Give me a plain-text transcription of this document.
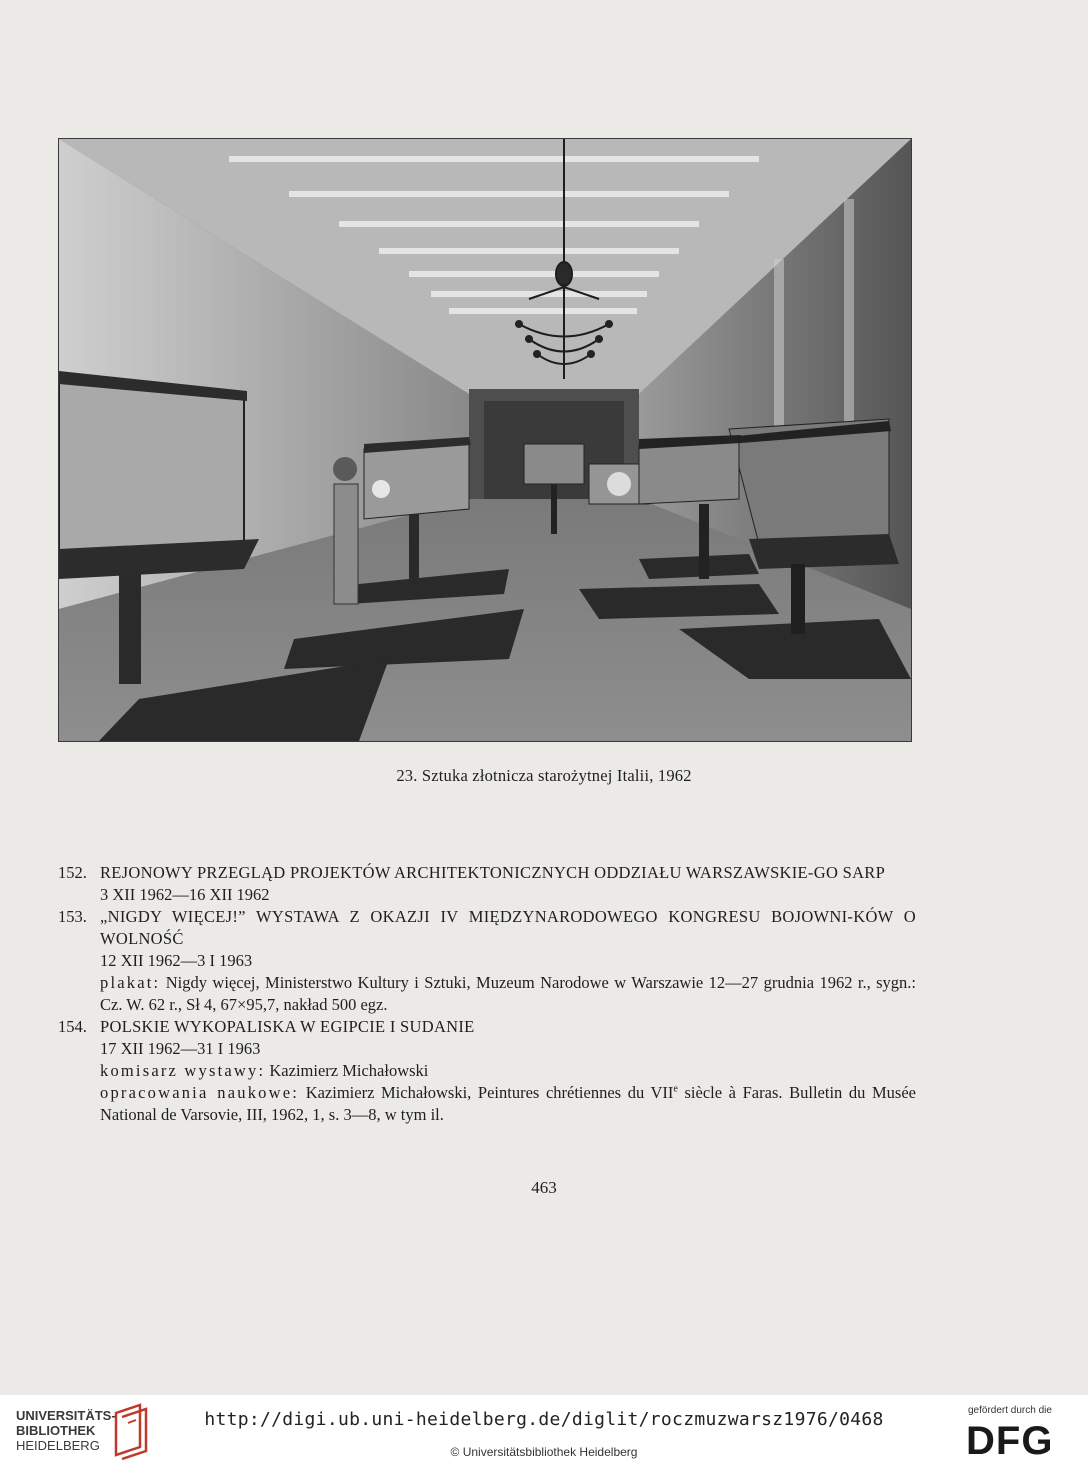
23. Sztuka złotnicza starożytnej Italii, 1962
152. REJONOWY PRZEGLĄD PROJEKTÓW ARCHITEKTONICZNYCH ODDZIAŁU WARSZAWSKIE-GO SARP
3 XII 1962—16 XII 1962
153. „NIGDY WIĘCEJ!” WYSTAWA Z OKAZJI IV MIĘDZYNARODOWEGO KONGRESU BOJOWNI-KÓW O WOLNOŚĆ
12 XII 1962—3 I 1963
plakat: Nigdy więcej, Ministerstwo Kultury i Sztuki, Muzeum Narodowe w Warszawie 12—27 grudnia 1962 r., sygn.: Cz. W. 62 r., Sł 4, 67×95,7, nakład 500 egz.
154. POLSKIE WYKOPALISKA W EGIPCIE I SUDANIE
17 XII 1962—31 I 1963
komisarz wystawy: Kazimierz Michałowski
opracowania naukowe: Kazimierz Michałowski, Peintures chrétiennes du VIIe siècle à Faras. Bulletin du Musée National de Varsovie, III, 1962, 1, s. 3—8, w tym il.
463
UNIVERSITÄTS-
BIBLIOTHEK
HEIDELBERG
http://digi.ub.uni-heidelberg.de/diglit/roczmuzwarsz1976/0468
© Universitätsbibliothek Heidelberg
gefördert durch die
DFG
